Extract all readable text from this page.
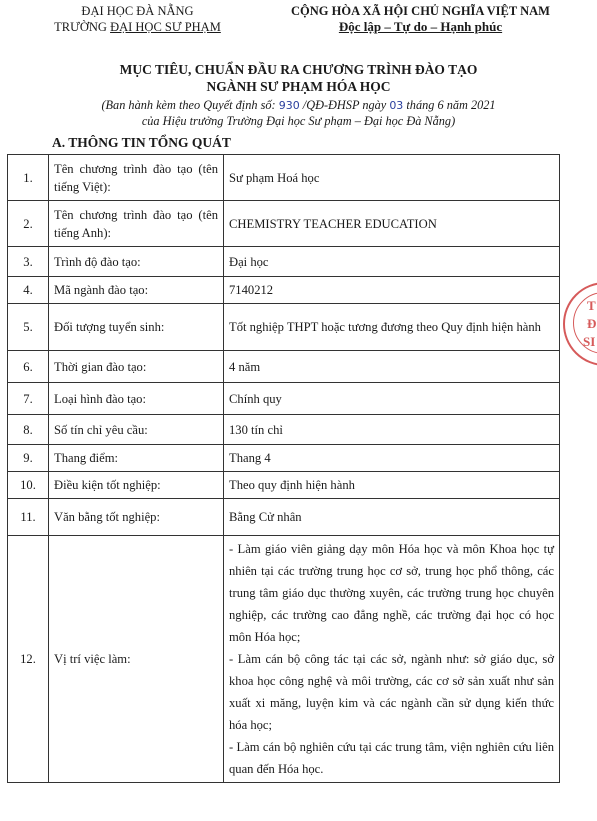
ĐẠI HỌC ĐÀ NẴNG
TRƯỜNG ĐẠI HỌC SƯ PHẠM
CỘNG HÒA XÃ HỘI CHỦ NGHĨA VIỆT NAM
Độc lập – Tự do – Hạnh phúc
MỤC TIÊU, CHUẨN ĐẦU RA CHƯƠNG TRÌNH ĐÀO TẠO
NGÀNH SƯ PHẠM HÓA HỌC
(Ban hành kèm theo Quyết định số: 930 /QĐ-ĐHSP ngày 03 tháng 6 năm 2021
của Hiệu trưởng Trường Đại học Sư phạm – Đại học Đà Nẵng)
A. THÔNG TIN TỔNG QUÁT
1.	Tên chương trình đào tạo (tên tiếng Việt):	Sư phạm Hoá học
2.	Tên chương trình đào tạo (tên tiếng Anh):	CHEMISTRY TEACHER EDUCATION
3.	Trình độ đào tạo:	Đại học
4.	Mã ngành đào tạo:	7140212
5.	Đối tượng tuyển sinh:	Tốt nghiệp THPT hoặc tương đương theo Quy định hiện hành
6.	Thời gian đào tạo:	4 năm
7.	Loại hình đào tạo:	Chính quy
8.	Số tín chỉ yêu cầu:	130 tín chỉ
9.	Thang điểm:	Thang 4
10.	Điều kiện tốt nghiệp:	Theo quy định hiện hành
11.	Văn bằng tốt nghiệp:	Bằng Cử nhân
12.	Vị trí việc làm:	- Làm giáo viên giảng dạy môn Hóa học và môn Khoa học tự nhiên tại các trường trung học cơ sở, trung học phổ thông, các trung tâm giáo dục thường xuyên, các trường trung học chuyên nghiệp, các trường cao đẳng nghề, các trường đại học có học môn Hóa học;
- Làm cán bộ công tác tại các sở, ngành như: sở giáo dục, sở khoa học công nghệ và môi trường, các cơ sở sản xuất như sản xuất xi măng, luyện kim và các ngành cần sử dụng kiến thức hóa học;
- Làm cán bộ nghiên cứu tại các trung tâm, viện nghiên cứu liên quan đến Hóa học.
T
Đ
SI
